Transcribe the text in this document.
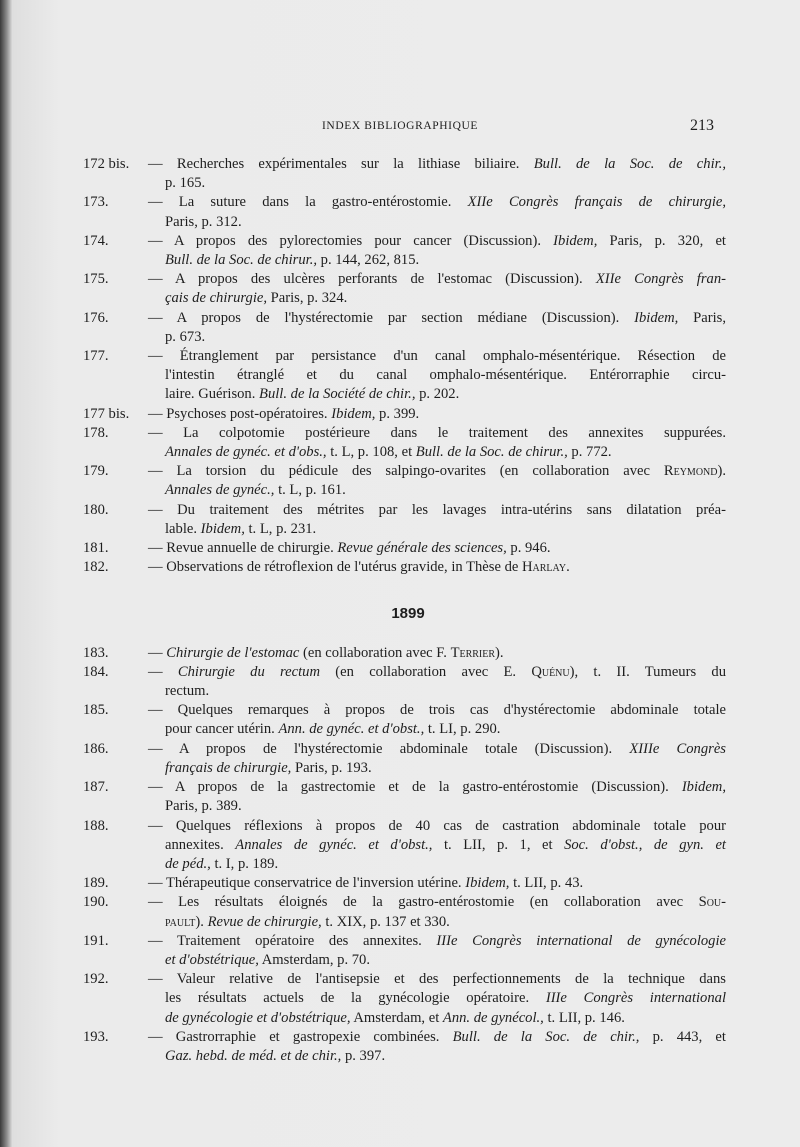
INDEX BIBLIOGRAPHIQUE	213
172 bis. — Recherches expérimentales sur la lithiase biliaire. Bull. de la Soc. de chir.,
p. 165.
173.	— La suture dans la gastro-entérostomie. XIIe Congrès français de chirurgie,
Paris, p. 312.
174.	— A propos des pylorectomies pour cancer (Discussion). Ibidem, Paris, p. 320, et
Bull. de la Soc. de chirur., p. 144, 262, 815.
175.	— A propos des ulcères perforants de l'estomac (Discussion). XIIe Congrès fran-
çais de chirurgie, Paris, p. 324.
176.	— A propos de l'hystérectomie par section médiane (Discussion). Ibidem, Paris,
p. 673.
177.	— Étranglement par persistance d'un canal omphalo-mésentérique. Résection de
l'intestin étranglé et du canal omphalo-mésentérique. Entérorraphie circu-
laire. Guérison. Bull. de la Société de chir., p. 202.
177 bis. — Psychoses post-opératoires. Ibidem, p. 399.
178.	— La colpotomie postérieure dans le traitement des annexites suppurées.
Annales de gynéc. et d'obs., t. L, p. 108, et Bull. de la Soc. de chirur., p. 772.
179.	— La torsion du pédicule des salpingo-ovarites (en collaboration avec Reymond).
Annales de gynéc., t. L, p. 161.
180.	— Du traitement des métrites par les lavages intra-utérins sans dilatation préa-
lable. Ibidem, t. L, p. 231.
181.	— Revue annuelle de chirurgie. Revue générale des sciences, p. 946.
182.	— Observations de rétroflexion de l'utérus gravide, in Thèse de Harlay.
1899
183.	— Chirurgie de l'estomac (en collaboration avec F. Terrier).
184.	— Chirurgie du rectum (en collaboration avec E. Quénu), t. II. Tumeurs du
rectum.
185.	— Quelques remarques à propos de trois cas d'hystérectomie abdominale totale
pour cancer utérin. Ann. de gynéc. et d'obst., t. LI, p. 290.
186.	— A propos de l'hystérectomie abdominale totale (Discussion). XIIIe Congrès
français de chirurgie, Paris, p. 193.
187.	— A propos de la gastrectomie et de la gastro-entérostomie (Discussion). Ibidem,
Paris, p. 389.
188.	— Quelques réflexions à propos de 40 cas de castration abdominale totale pour
annexites. Annales de gynéc. et d'obst., t. LII, p. 1, et Soc. d'obst., de gyn. et
de péd., t. I, p. 189.
189.	— Thérapeutique conservatrice de l'inversion utérine. Ibidem, t. LII, p. 43.
190.	— Les résultats éloignés de la gastro-entérostomie (en collaboration avec Sou-
pault). Revue de chirurgie, t. XIX, p. 137 et 330.
191.	— Traitement opératoire des annexites. IIIe Congrès international de gynécologie
et d'obstétrique, Amsterdam, p. 70.
192.	— Valeur relative de l'antisepsie et des perfectionnements de la technique dans
les résultats actuels de la gynécologie opératoire. IIIe Congrès international
de gynécologie et d'obstétrique, Amsterdam, et Ann. de gynécol., t. LII, p. 146.
193.	— Gastrorraphie et gastropexie combinées. Bull. de la Soc. de chir., p. 443, et
Gaz. hebd. de méd. et de chir., p. 397.
